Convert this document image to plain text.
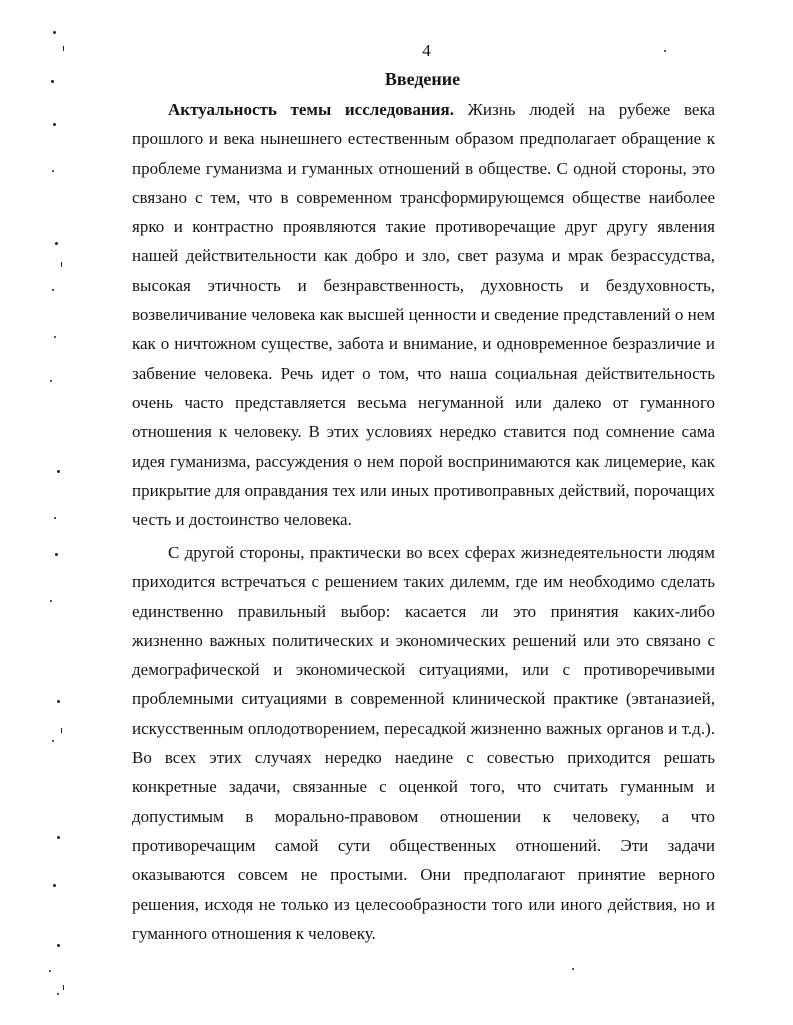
4
Введение

Актуальность темы исследования. Жизнь людей на рубеже века прошлого и века нынешнего естественным образом предполагает обращение к проблеме гуманизма и гуманных отношений в обществе. С одной стороны, это связано с тем, что в современном трансформирующемся обществе наиболее ярко и контрастно проявляются такие противоречащие друг другу явления нашей действительности как добро и зло, свет разума и мрак безрассудства, высокая этичность и безнравственность, духовность и бездуховность, возвеличивание человека как высшей ценности и сведение представлений о нем как о ничтожном существе, забота и внимание, и одновременное безразличие и забвение человека. Речь идет о том, что наша социальная действительность очень часто представляется весьма негуманной или далеко от гуманного отношения к человеку. В этих условиях нередко ставится под сомнение сама идея гуманизма, рассуждения о нем порой воспринимаются как лицемерие, как прикрытие для оправдания тех или иных противоправных действий, порочащих честь и достоинство человека.

С другой стороны, практически во всех сферах жизнедеятельности людям приходится встречаться с решением таких дилемм, где им необходимо сделать единственно правильный выбор: касается ли это принятия каких-либо жизненно важных политических и экономических решений или это связано с демографической и экономической ситуациями, или с противоречивыми проблемными ситуациями в современной клинической практике (эвтаназией, искусственным оплодотворением, пересадкой жизненно важных органов и т.д.). Во всех этих случаях нередко наедине с совестью приходится решать конкретные задачи, связанные с оценкой того, что считать гуманным и допустимым в морально-правовом отношении к человеку, а что противоречащим самой сути общественных отношений. Эти задачи оказываются совсем не простыми. Они предполагают принятие верного решения, исходя не только из целесообразности того или иного действия, но и гуманного отношения к человеку.
